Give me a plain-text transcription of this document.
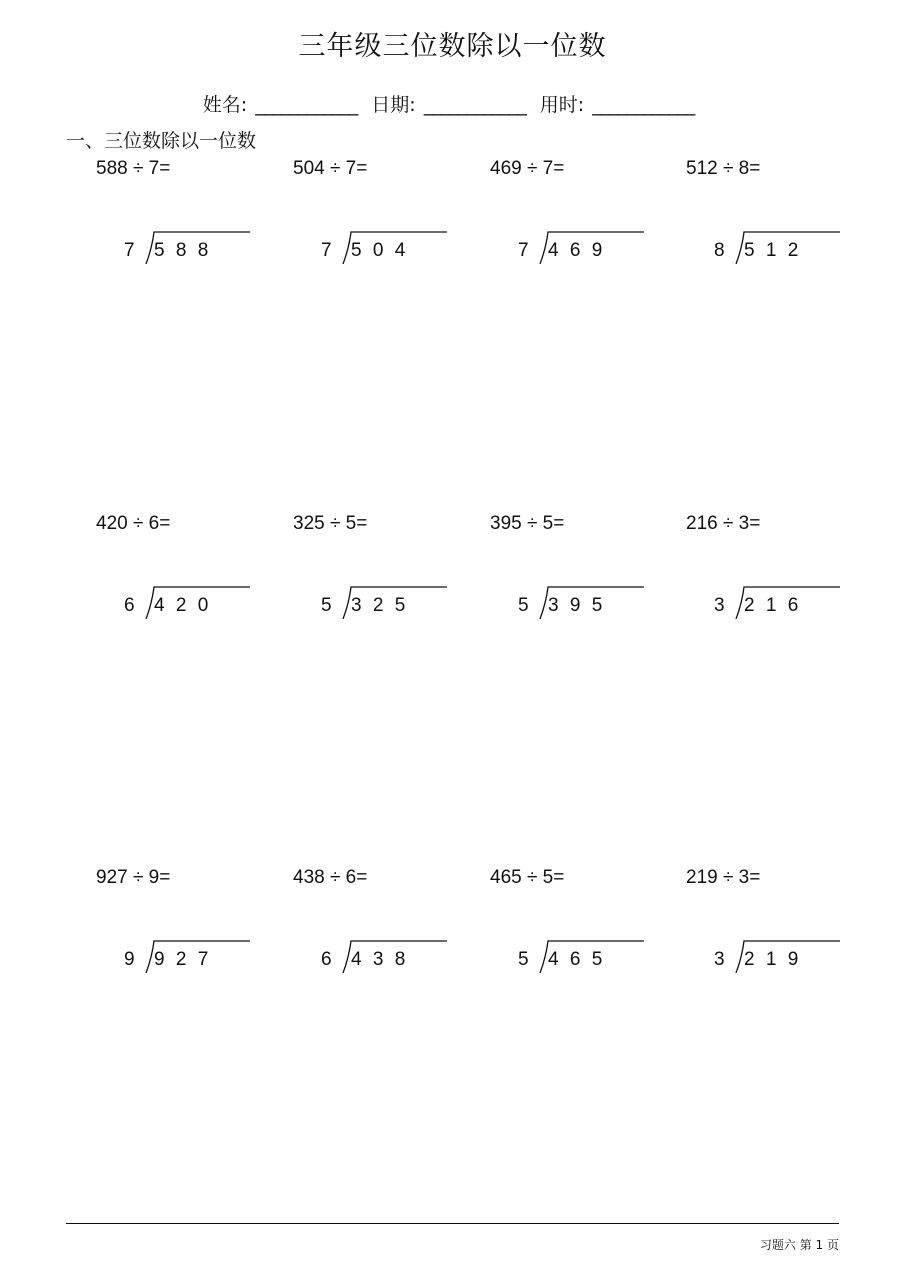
三年级三位数除以一位数
姓名: ____________ 日期: ____________ 用时: ____________
一、三位数除以一位数
588 ÷ 7=
7 5 8 8
504 ÷ 7=
7 5 0 4
469 ÷ 7=
7 4 6 9
512 ÷ 8=
8 5 1 2
420 ÷ 6=
6 4 2 0
325 ÷ 5=
5 3 2 5
395 ÷ 5=
5 3 9 5
216 ÷ 3=
3 2 1 6
927 ÷ 9=
9 9 2 7
438 ÷ 6=
6 4 3 8
465 ÷ 5=
5 4 6 5
219 ÷ 3=
3 2 1 9
习题六 第 1 页
